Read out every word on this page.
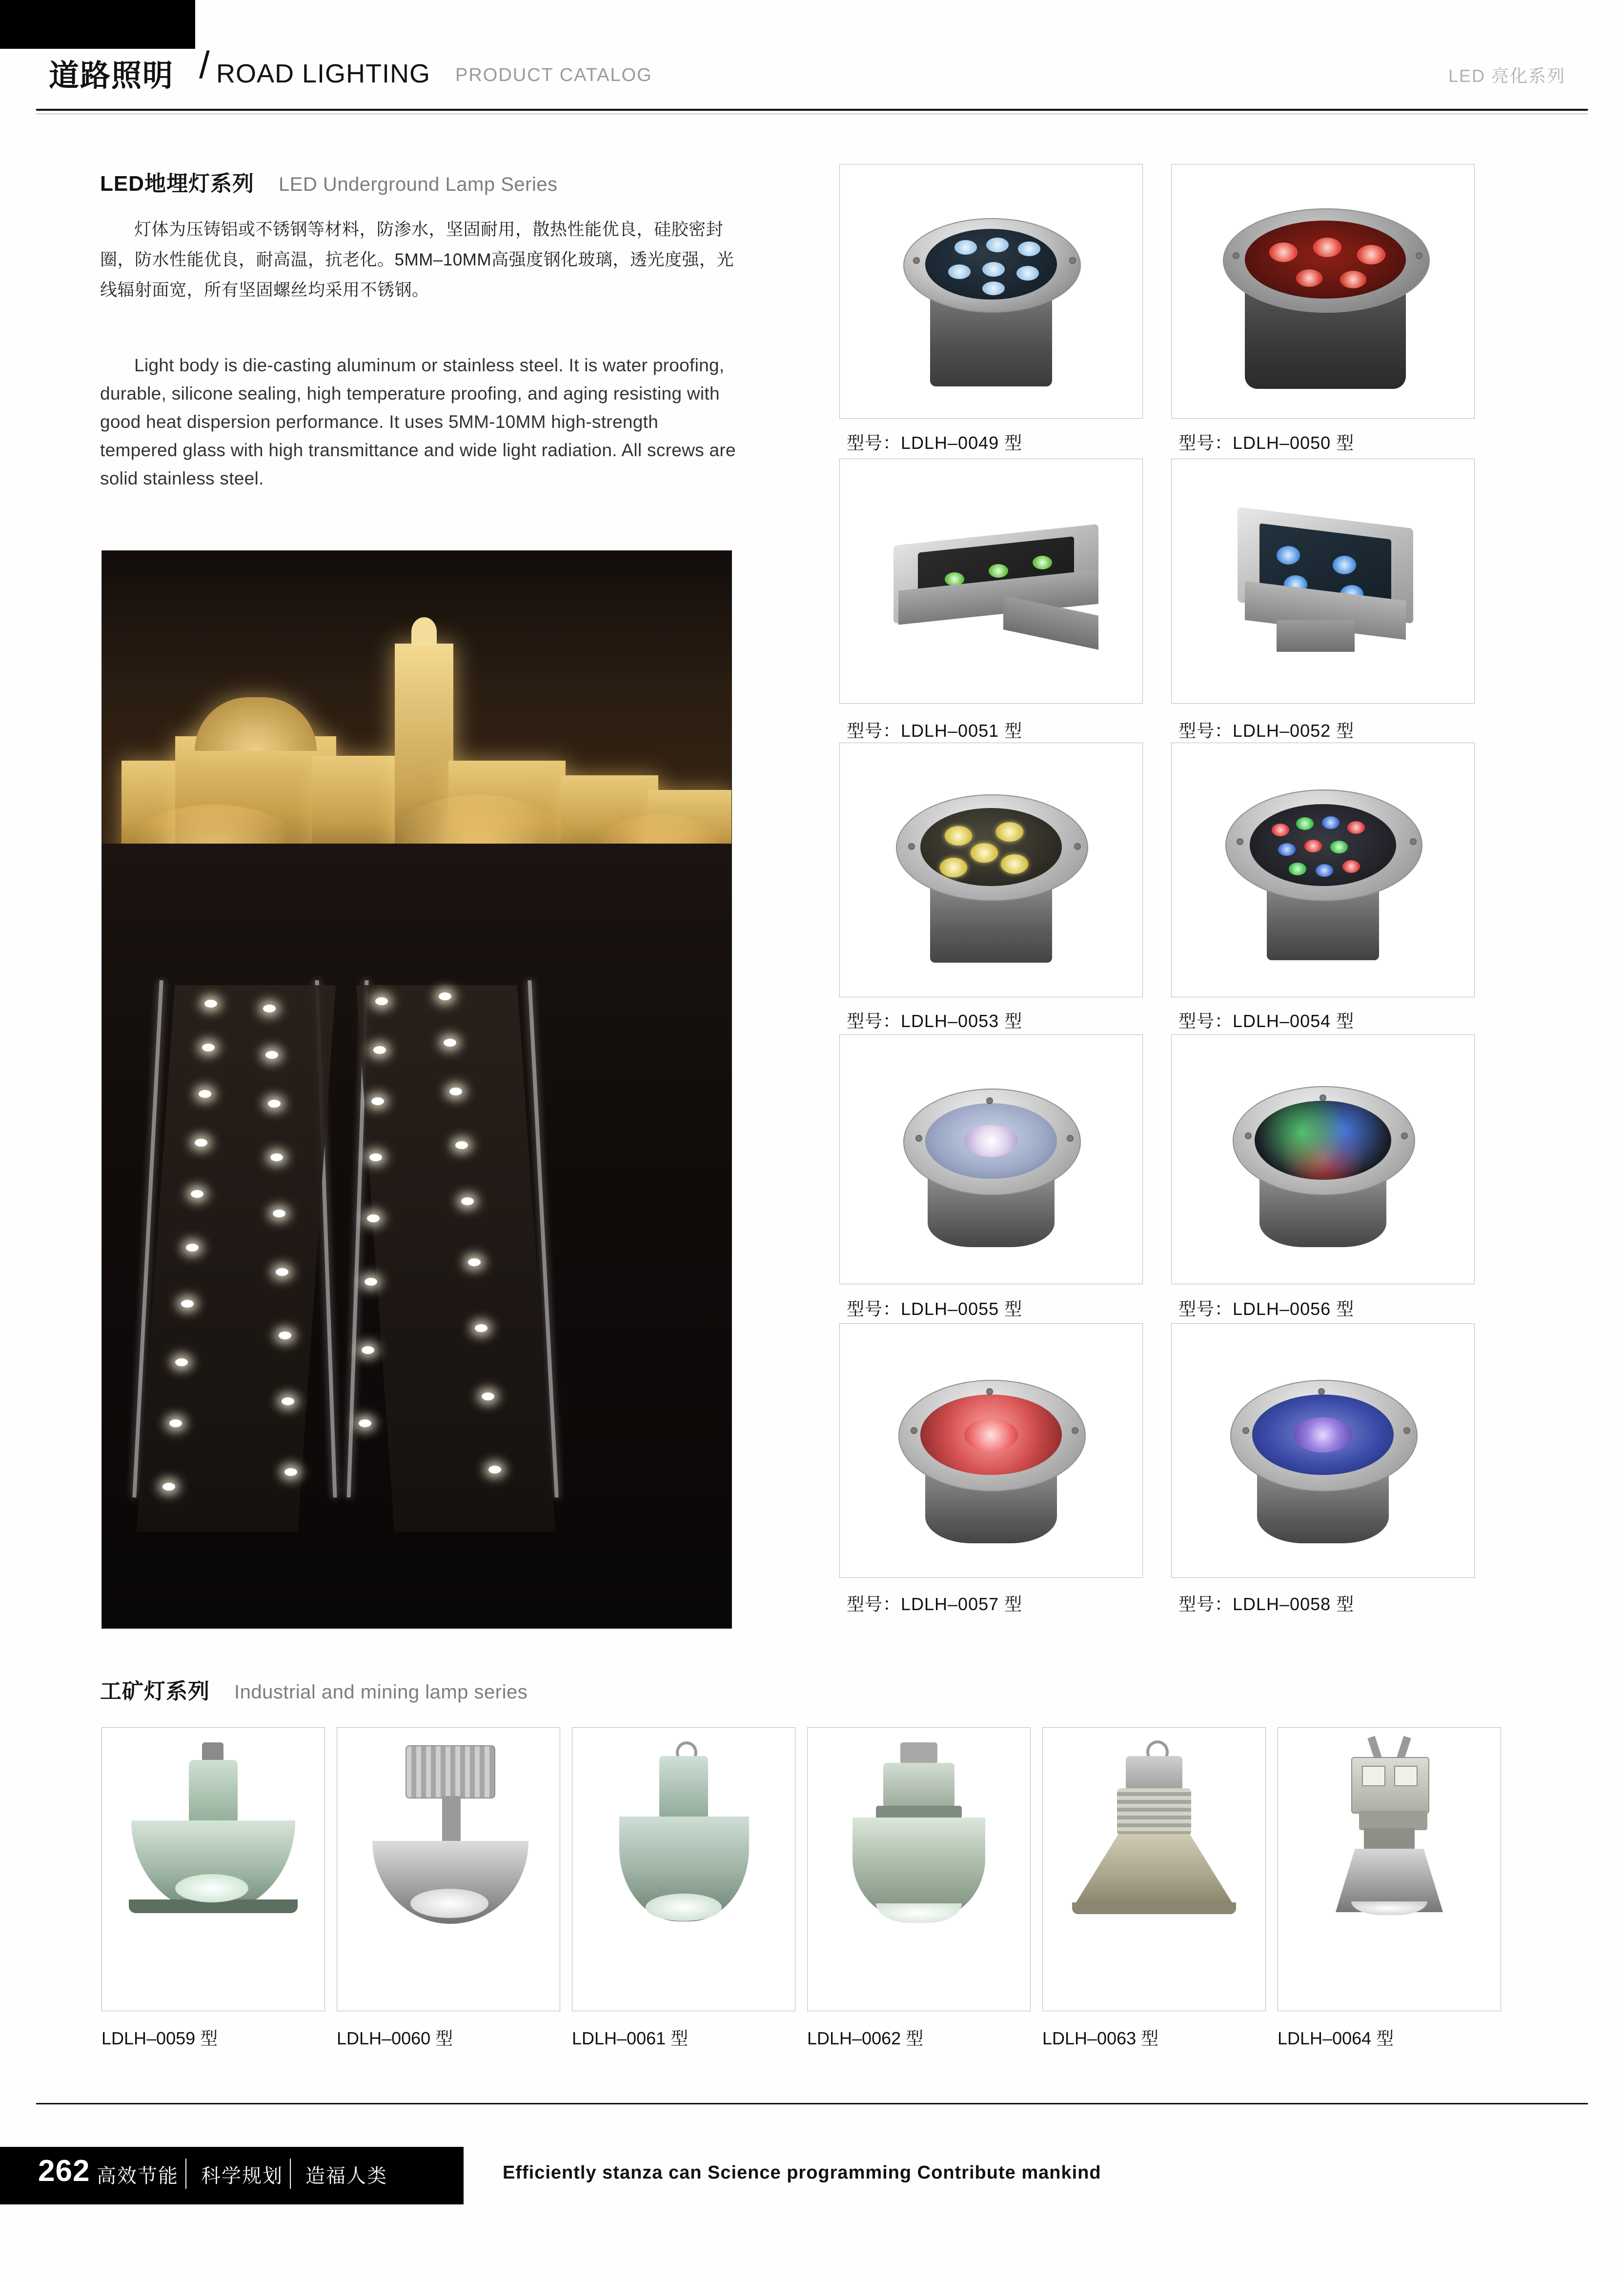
道路照明 / ROAD LIGHTING PRODUCT CATALOG	LED 亮化系列
LED地埋灯系列 LED Underground Lamp Series
灯体为压铸铝或不锈钢等材料，防渗水，坚固耐用，散热性能优良，硅胶密封圈，防水性能优良，耐高温，抗老化。5MM–10MM高强度钢化玻璃，透光度强，光线辐射面宽，所有坚固螺丝均采用不锈钢。
Light body is die-casting aluminum or stainless steel. It is water proofing, durable, silicone sealing, high temperature proofing, and aging resisting with good heat dispersion performance. It uses 5MM-10MM high-strength tempered glass with high transmittance and wide light radiation. All screws are solid stainless steel.
型号：LDLH–0049 型	型号：LDLH–0050 型
型号：LDLH–0051 型	型号：LDLH–0052 型
型号：LDLH–0053 型	型号：LDLH–0054 型
型号：LDLH–0055 型	型号：LDLH–0056 型
型号：LDLH–0057 型	型号：LDLH–0058 型
工矿灯系列 Industrial and mining lamp series
LDLH–0059 型	LDLH–0060 型	LDLH–0061 型	LDLH–0062 型	LDLH–0063 型	LDLH–0064 型
262 高效节能 科学规划 造福人类	Efficiently stanza can Science programming Contribute mankind
